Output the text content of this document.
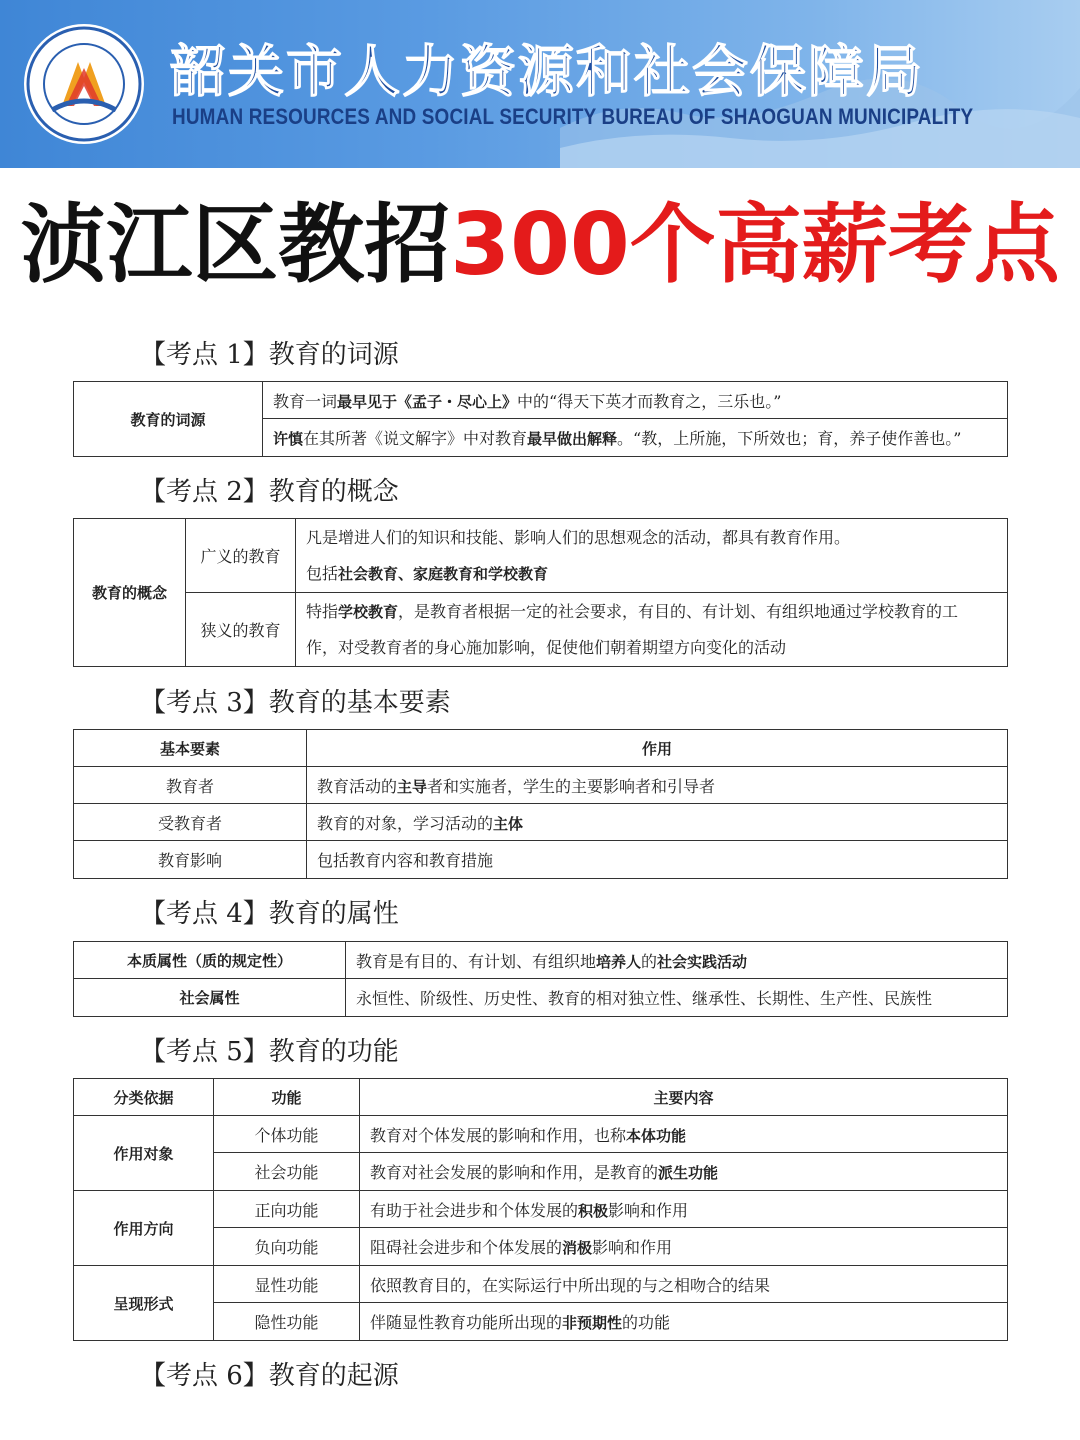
韶关市人力资源和社会保障局
HUMAN RESOURCES AND SOCIAL SECURITY BUREAU OF SHAOGUAN MUNICIPALITY
浈江区教招300个高薪考点
【考点 1】教育的词源
教育的词源	教育一词最早见于《孟子・尽心上》中的“得天下英才而教育之，三乐也。”
许慎在其所著《说文解字》中对教育最早做出解释。“教，上所施，下所效也；育，养子使作善也。”
【考点 2】教育的概念
教育的概念	广义的教育	凡是增进人们的知识和技能、影响人们的思想观念的活动，都具有教育作用。
包括社会教育、家庭教育和学校教育

	狭义的教育	特指学校教育，是教育者根据一定的社会要求，有目的、有计划、有组织地通过学校教育的工
作，对受教育者的身心施加影响，促使他们朝着期望方向变化的活动
【考点 3】教育的基本要素
基本要素	作用
教育者	教育活动的主导者和实施者，学生的主要影响者和引导者
受教育者	教育的对象，学习活动的主体
教育影响	包括教育内容和教育措施
【考点 4】教育的属性
本质属性（质的规定性）	教育是有目的、有计划、有组织地培养人的社会实践活动
社会属性	永恒性、阶级性、历史性、教育的相对独立性、继承性、长期性、生产性、民族性
【考点 5】教育的功能
分类依据	功能	主要内容
作用对象	个体功能	教育对个体发展的影响和作用，也称本体功能
	社会功能	教育对社会发展的影响和作用，是教育的派生功能
作用方向	正向功能	有助于社会进步和个体发展的积极影响和作用
	负向功能	阻碍社会进步和个体发展的消极影响和作用
呈现形式	显性功能	依照教育目的，在实际运行中所出现的与之相吻合的结果
	隐性功能	伴随显性教育功能所出现的非预期性的功能
【考点 6】教育的起源
